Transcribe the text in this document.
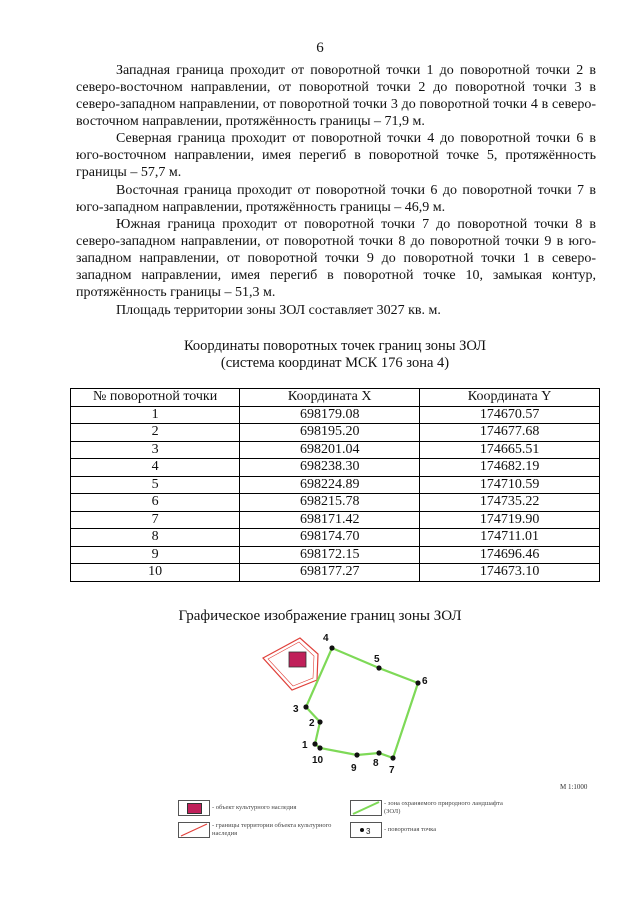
6

Западная граница проходит от поворотной точки 1 до поворотной точки 2 в северо-восточном направлении, от поворотной точки 2 до поворотной точки 3 в северо-западном направлении, от поворотной точки 3 до поворотной точки 4 в северо-восточном направлении, протяжённость границы – 71,9 м.

Северная граница проходит от поворотной точки 4 до поворотной точки 6 в юго-восточном направлении, имея перегиб в поворотной точке 5, протяжённость границы – 57,7 м.

Восточная граница проходит от поворотной точки 6 до поворотной точки 7 в юго-западном направлении, протяжённость границы – 46,9 м.

Южная граница проходит от поворотной точки 7 до поворотной точки 8 в северо-западном направлении, от поворотной точки 8 до поворотной точки 9 в юго-западном направлении, от поворотной точки 9 до поворотной точки 1 в северо-западном направлении, имея перегиб в поворотной точке 10, замыкая контур, протяжённость границы – 51,3 м.

Площадь территории зоны ЗОЛ составляет 3027 кв. м.

Координаты поворотных точек границ зоны ЗОЛ
(система координат МСК 176 зона 4)
№ поворотной точки	Координата X	Координата Y
1	698179.08	174670.57
2	698195.20	174677.68
3	698201.04	174665.51
4	698238.30	174682.19
5	698224.89	174710.59
6	698215.78	174735.22
7	698171.42	174719.90
8	698174.70	174711.01
9	698172.15	174696.46
10	698177.27	174673.10
Графическое изображение границ зоны ЗОЛ
1
2
3
4
5
6
7
8
9
10
М 1:1000
- объект культурного наследия
- границы территории объекта культурного наследия
- зона охраняемого природного ландшафта (ЗОЛ)
3 - поворотная точка
